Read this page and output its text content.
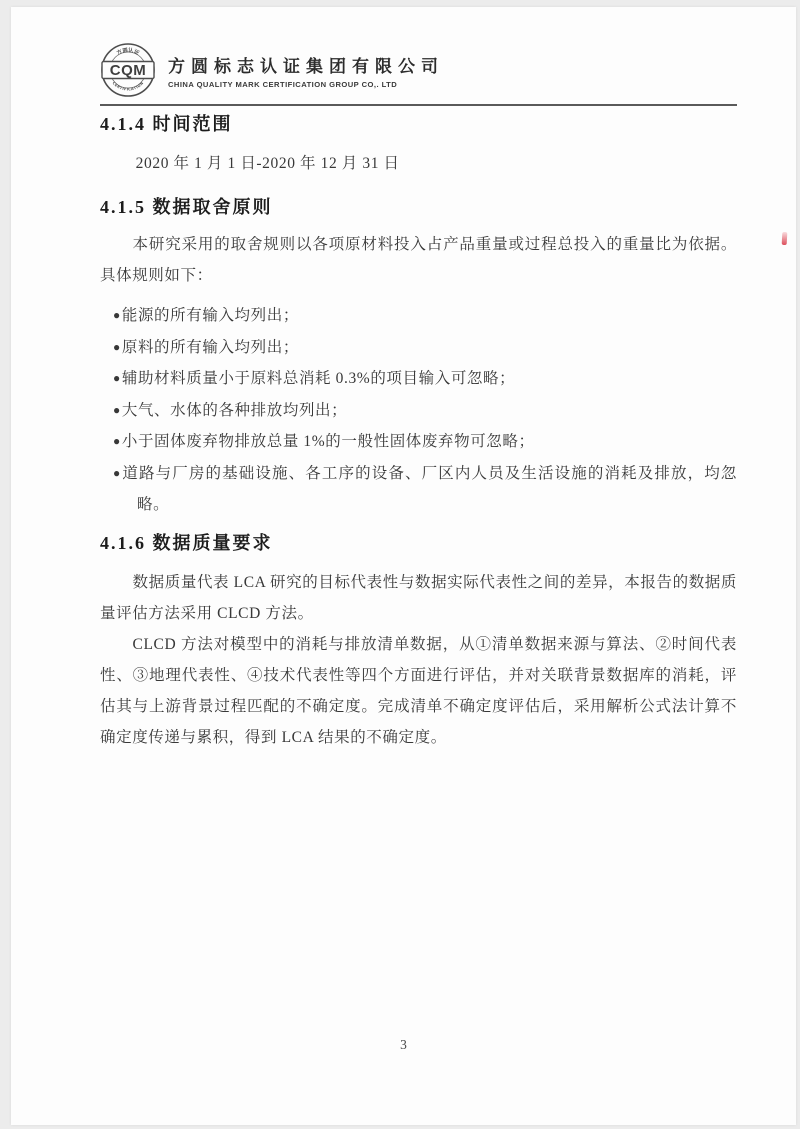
方圆认证
CERTIFICATION
CQM 方圆标志认证集团有限公司
CHINA QUALITY MARK CERTIFICATION GROUP CO,. LTD
4.1.4 时间范围
2020 年 1 月 1 日-2020 年 12 月 31 日
4.1.5 数据取舍原则
本研究采用的取舍规则以各项原材料投入占产品重量或过程总投入的重量比为依据。具体规则如下：
●能源的所有输入均列出；
●原料的所有输入均列出；
●辅助材料质量小于原料总消耗 0.3%的项目输入可忽略；
●大气、水体的各种排放均列出；
●小于固体废弃物排放总量 1%的一般性固体废弃物可忽略；
●道路与厂房的基础设施、各工序的设备、厂区内人员及生活设施的消耗及排放，均忽略。
4.1.6 数据质量要求
数据质量代表 LCA 研究的目标代表性与数据实际代表性之间的差异，本报告的数据质量评估方法采用 CLCD 方法。
CLCD 方法对模型中的消耗与排放清单数据，从①清单数据来源与算法、②时间代表性、③地理代表性、④技术代表性等四个方面进行评估，并对关联背景数据库的消耗，评估其与上游背景过程匹配的不确定度。完成清单不确定度评估后，采用解析公式法计算不确定度传递与累积，得到 LCA 结果的不确定度。
3
